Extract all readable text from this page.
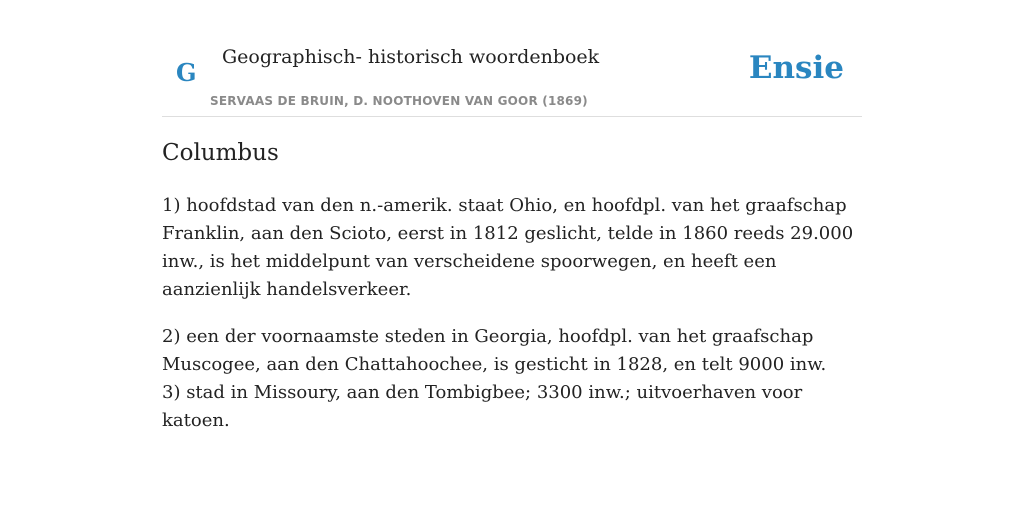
G
Geographisch- historisch woordenboek
SERVAAS DE BRUIN, D. NOOTHOVEN VAN GOOR (1869)
Ensie
Columbus

1) hoofdstad van den n.-amerik. staat Ohio, en hoofdpl. van het graafschap Franklin, aan den Scioto, eerst in 1812 geslicht, telde in 1860 reeds 29.000 inw., is het middelpunt van verscheidene spoorwegen, en heeft een aanzienlijk handelsverkeer.

2) een der voornaamste steden in Georgia, hoofdpl. van het graafschap Muscogee, aan den Chattahoochee, is gesticht in 1828, en telt 9000 inw.

3) stad in Missoury, aan den Tombigbee; 3300 inw.; uitvoerhaven voor katoen.
